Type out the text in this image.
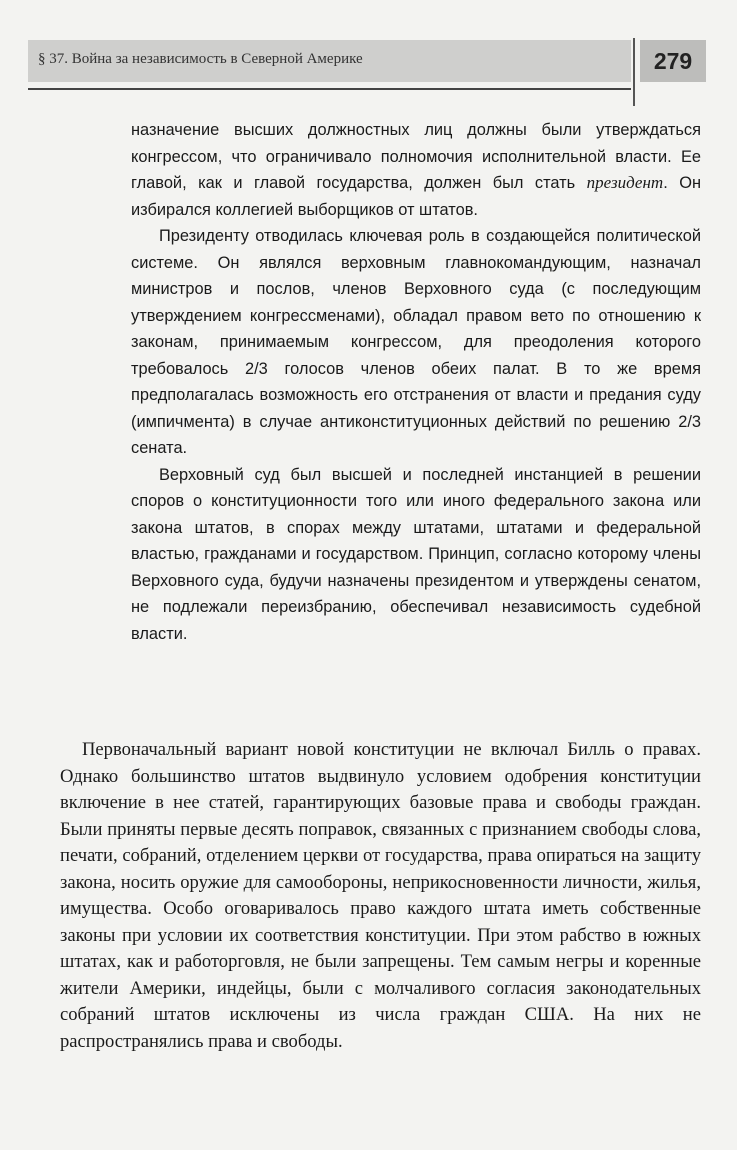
§ 37. Война за независимость в Северной Америке	279

назначение высших должностных лиц должны были утверждаться конгрессом, что ограничивало полномочия исполнительной власти. Ее главой, как и главой государства, должен был стать президент. Он избирался коллегией выборщиков от штатов.

Президенту отводилась ключевая роль в создающейся политической системе. Он являлся верховным главнокомандующим, назначал министров и послов, членов Верховного суда (с последующим утверждением конгрессменами), обладал правом вето по отношению к законам, принимаемым конгрессом, для преодоления которого требовалось 2/3 голосов членов обеих палат. В то же время предполагалась возможность его отстранения от власти и предания суду (импичмента) в случае антиконституционных действий по решению 2/3 сената.

Верховный суд был высшей и последней инстанцией в решении споров о конституционности того или иного федерального закона или закона штатов, в спорах между штатами, штатами и федеральной властью, гражданами и государством. Принцип, согласно которому члены Верховного суда, будучи назначены президентом и утверждены сенатом, не подлежали переизбранию, обеспечивал независимость судебной власти.

Первоначальный вариант новой конституции не включал Билль о правах. Однако большинство штатов выдвинуло условием одобрения конституции включение в нее статей, гарантирующих базовые права и свободы граждан. Были приняты первые десять поправок, связанных с признанием свободы слова, печати, собраний, отделением церкви от государства, права опираться на защиту закона, носить оружие для самообороны, неприкосновенности личности, жилья, имущества. Особо оговаривалось право каждого штата иметь собственные законы при условии их соответствия конституции. При этом рабство в южных штатах, как и работорговля, не были запрещены. Тем самым негры и коренные жители Америки, индейцы, были с молчаливого согласия законодательных собраний штатов исключены из числа граждан США. На них не распространялись права и свободы.
